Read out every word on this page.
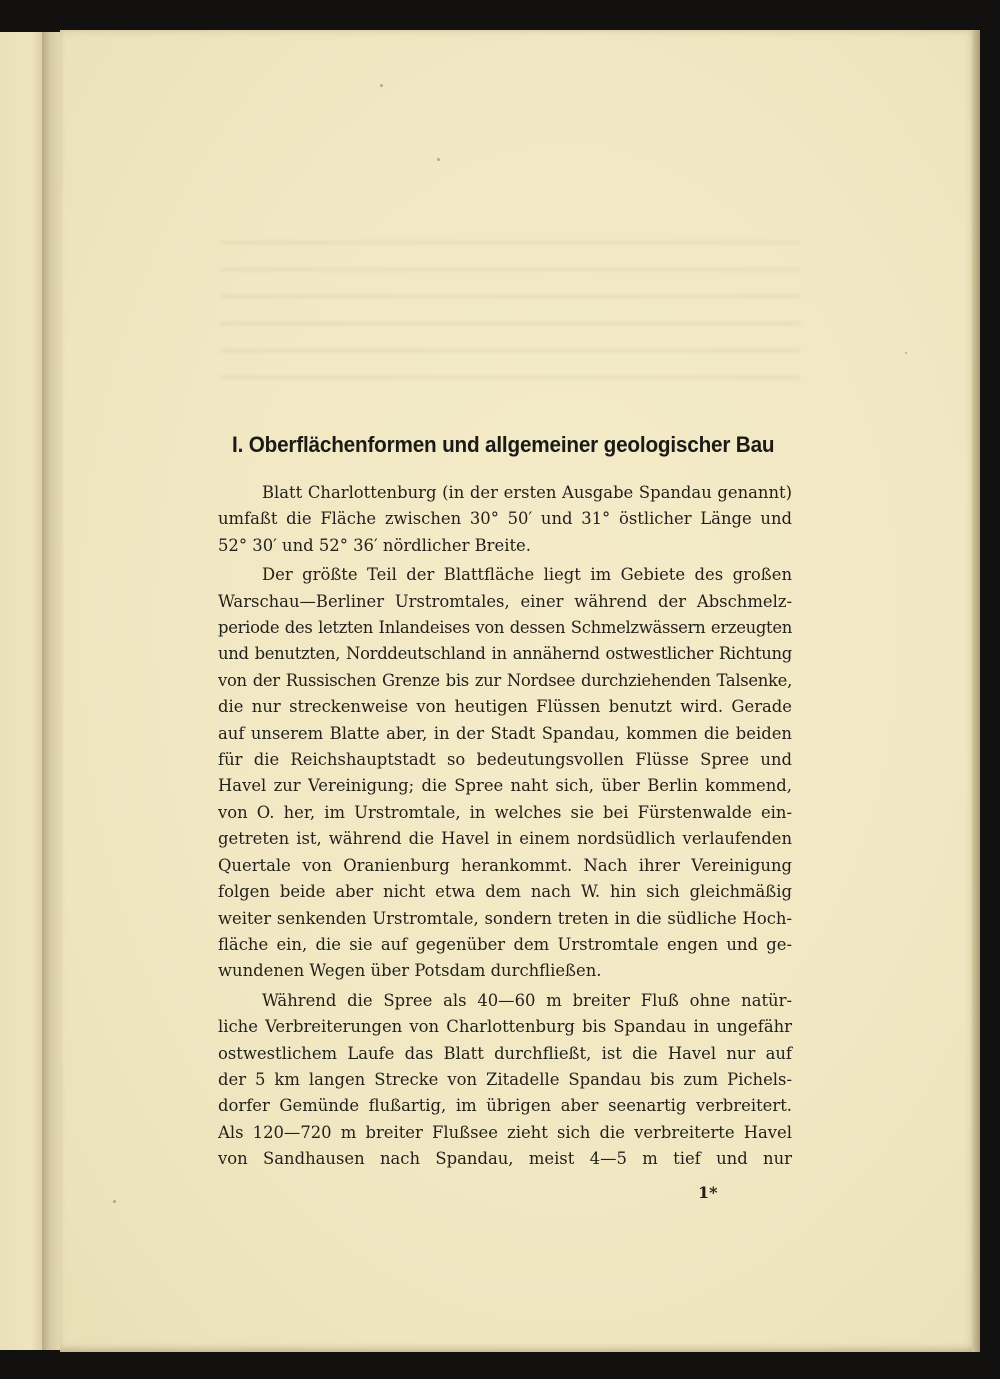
I. Oberflächenformen und allgemeiner geologischer Bau
Blatt Charlottenburg (in der ersten Ausgabe Spandau genannt)
umfaßt die Fläche zwischen 30° 50′ und 31° östlicher Länge und
52° 30′ und 52° 36′ nördlicher Breite.
Der größte Teil der Blattfläche liegt im Gebiete des großen
Warschau—Berliner Urstromtales, einer während der Abschmelz-
periode des letzten Inlandeises von dessen Schmelzwässern erzeugten
und benutzten, Norddeutschland in annähernd ostwestlicher Richtung
von der Russischen Grenze bis zur Nordsee durchziehenden Talsenke,
die nur streckenweise von heutigen Flüssen benutzt wird. Gerade
auf unserem Blatte aber, in der Stadt Spandau, kommen die beiden
für die Reichshauptstadt so bedeutungsvollen Flüsse Spree und
Havel zur Vereinigung; die Spree naht sich, über Berlin kommend,
von O. her, im Urstromtale, in welches sie bei Fürstenwalde ein-
getreten ist, während die Havel in einem nordsüdlich verlaufenden
Quertale von Oranienburg herankommt. Nach ihrer Vereinigung
folgen beide aber nicht etwa dem nach W. hin sich gleichmäßig
weiter senkenden Urstromtale, sondern treten in die südliche Hoch-
fläche ein, die sie auf gegenüber dem Urstromtale engen und ge-
wundenen Wegen über Potsdam durchfließen.
Während die Spree als 40—60 m breiter Fluß ohne natür-
liche Verbreiterungen von Charlottenburg bis Spandau in ungefähr
ostwestlichem Laufe das Blatt durchfließt, ist die Havel nur auf
der 5 km langen Strecke von Zitadelle Spandau bis zum Pichels-
dorfer Gemünde flußartig, im übrigen aber seenartig verbreitert.
Als 120—720 m breiter Flußsee zieht sich die verbreiterte Havel
von Sandhausen nach Spandau, meist 4—5 m tief und nur
1*
